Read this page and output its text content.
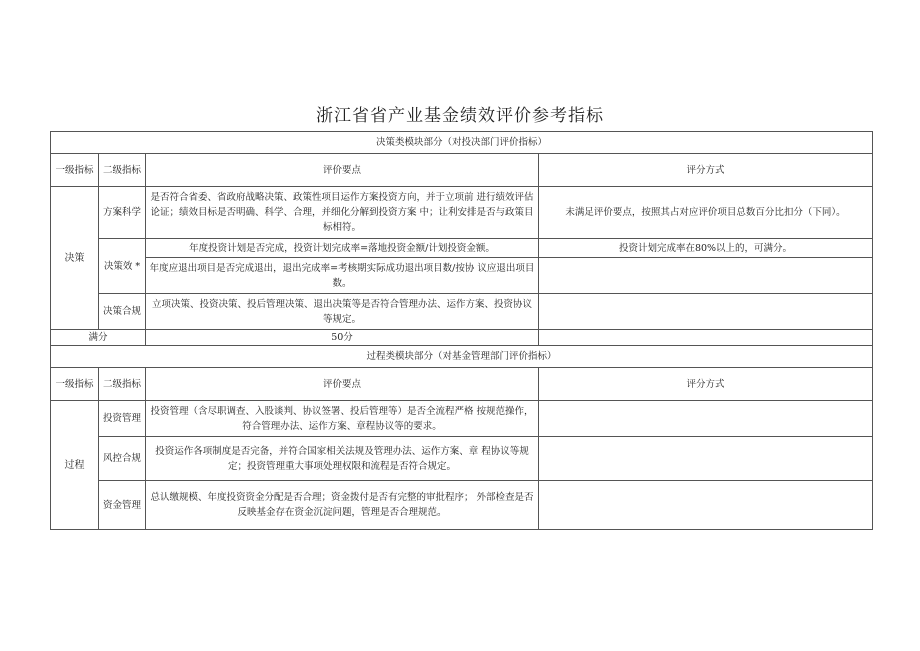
浙江省省产业基金绩效评价参考指标
决策类模块部分（对投决部门评价指标）			
一级指标	二级指标	评价要点	评分方式
决策	方案科学	是否符合省委、省政府战略决策、政策性项目运作方案投资方向，并于立项前 进行绩效评估论证；绩效目标是否明确、科学、合理，并细化分解到投资方案 中；让利安排是否与政策目标相符。	未满足评价要点，按照其占对应评价项目总数百分比扣分（下同）。
	决策效 *	年度投资计划是否完成，投资计划完成率=落地投资金额/计划投资金额。	投资计划完成率在80%以上的，可满分。
		年度应退出项目是否完成退出，退出完成率=考核期实际成功退出项目数/按协 议应退出项目数。	
	决策合规	立项决策、投资决策、投后管理决策、退出决策等是否符合管理办法、运作方案、投资协议等规定。	
满分		50分	
过程类模块部分（对基金管理部门评价指标）			
一级指标	二级指标	评价要点	评分方式
过程	投资管理	投资管理（含尽职调查、入股谈判、协议签署、投后管理等）是否全流程严格 按规范操作，符合管理办法、运作方案、章程协议等的要求。	
	风控合规	投资运作各项制度是否完备，并符合国家相关法规及管理办法、运作方案、章 程协议等规定；投资管理重大事项处理权限和流程是否符合规定。	
	资金管理	总认缴规模、年度投资资金分配是否合理；资金拨付是否有完整的审批程序； 外部检查是否反映基金存在资金沉淀问题，管理是否合理规范。	
